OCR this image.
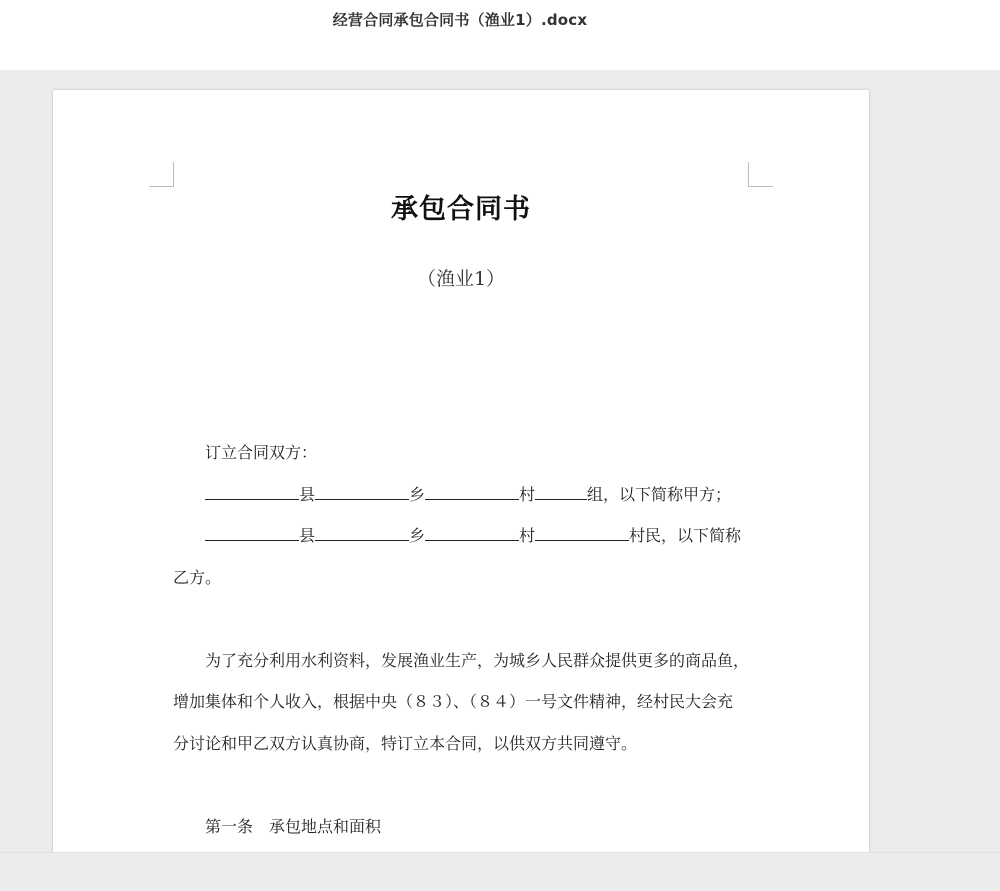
经营合同承包合同书（渔业1）.docx
承包合同书
（渔业1）
订立合同双方：
县	乡	村	组，以下简称甲方；
县	乡	村	村民，以下简称
乙方。
为了充分利用水利资料，发展渔业生产，为城乡人民群众提供更多的商品鱼，
增加集体和个人收入，根据中央（８３）、（８４）一号文件精神，经村民大会充
分讨论和甲乙双方认真协商，特订立本合同，以供双方共同遵守。
第一条　承包地点和面积
